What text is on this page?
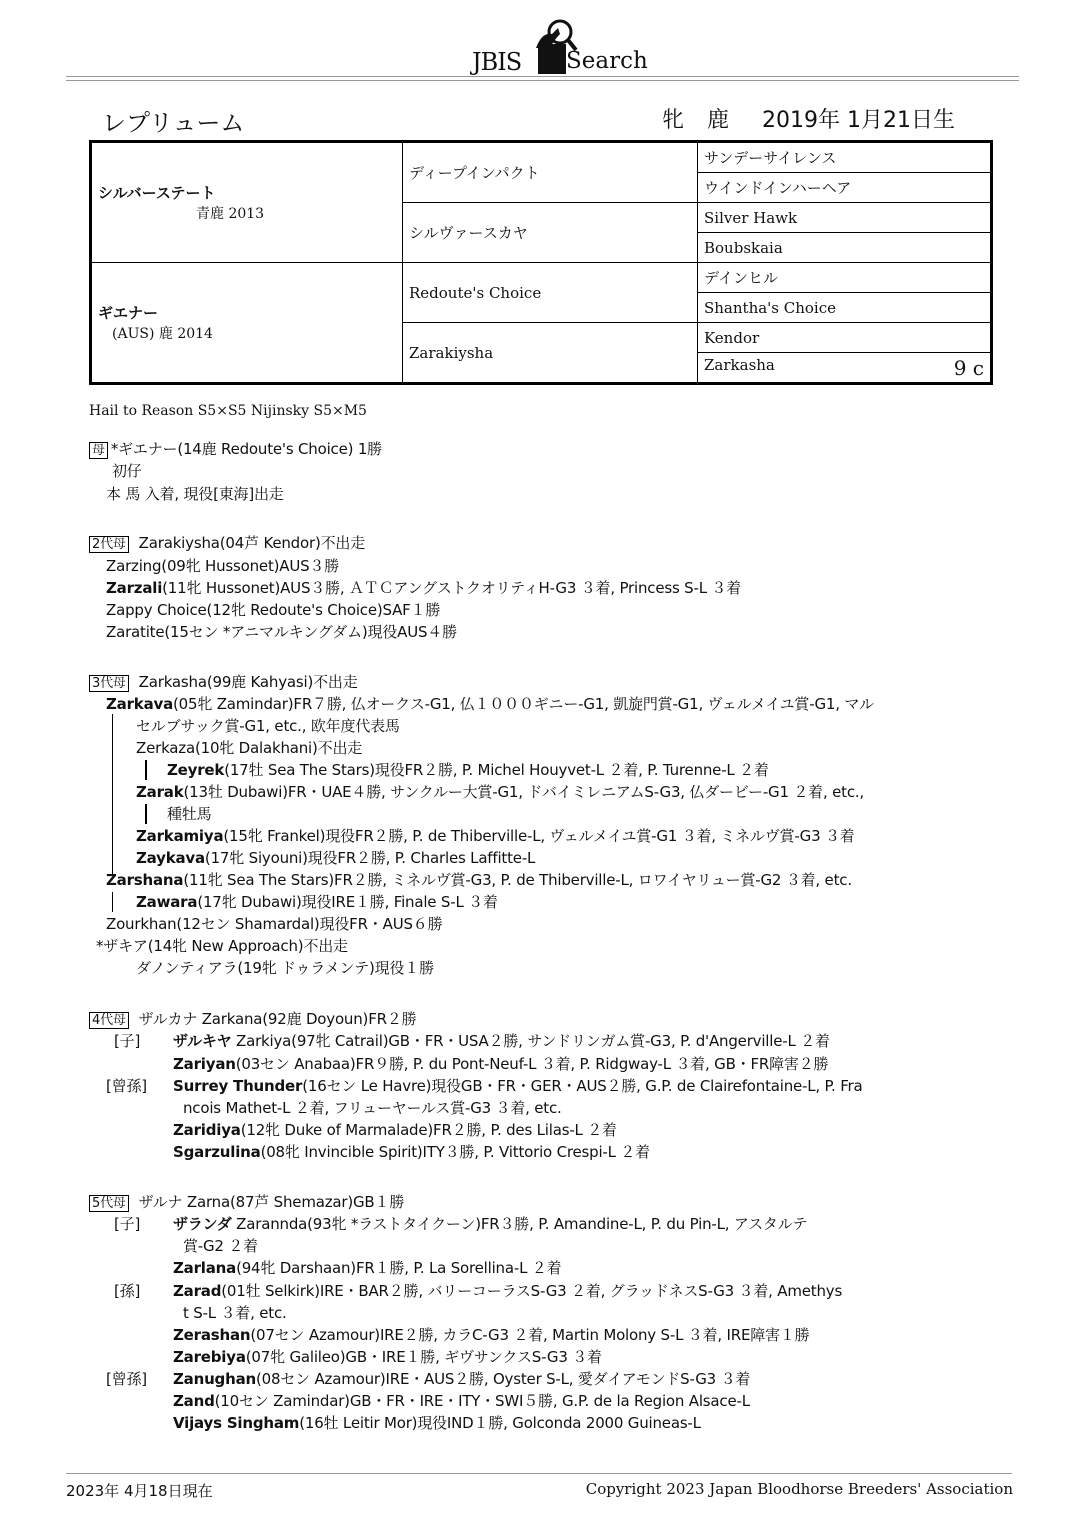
JBIS Search
レプリューム	牝 鹿 2019年 1月21日生
シルバーステート
青鹿 2013	ディープインパクト	サンデーサイレンス
		ウインドインハーヘア
	シルヴァースカヤ	Silver Hawk
		Boubskaia

ギエナー
(AUS) 鹿 2014	Redoute's Choice	デインヒル
		Shantha's Choice
	Zarakiysha	Kendor
		Zarkasha 9 c
Hail to Reason S5×S5 Nijinsky S5×M5
母 *ギエナー(14鹿 Redoute's Choice) 1勝
初仔
本 馬 入着, 現役[東海]出走
2代母 Zarakiysha(04芦 Kendor)不出走
Zarzing(09牝 Hussonet)AUS３勝
Zarzali(11牝 Hussonet)AUS３勝, ＡＴＣアングストクオリティH-G3 ３着, Princess S-L ３着
Zappy Choice(12牝 Redoute's Choice)SAF１勝
Zaratite(15セン *アニマルキングダム)現役AUS４勝
3代母 Zarkasha(99鹿 Kahyasi)不出走
Zarkava(05牝 Zamindar)FR７勝, 仏オークス-G1, 仏１０００ギニー-G1, 凱旋門賞-G1, ヴェルメイユ賞-G1, マル
セルブサック賞-G1, etc., 欧年度代表馬
Zerkaza(10牝 Dalakhani)不出走
Zeyrek(17牡 Sea The Stars)現役FR２勝, P. Michel Houyvet-L ２着, P. Turenne-L ２着
Zarak(13牡 Dubawi)FR・UAE４勝, サンクルー大賞-G1, ドバイミレニアムS-G3, 仏ダービー-G1 ２着, etc.,
種牡馬
Zarkamiya(15牝 Frankel)現役FR２勝, P. de Thiberville-L, ヴェルメイユ賞-G1 ３着, ミネルヴ賞-G3 ３着
Zaykava(17牝 Siyouni)現役FR２勝, P. Charles Laffitte-L
Zarshana(11牝 Sea The Stars)FR２勝, ミネルヴ賞-G3, P. de Thiberville-L, ロワイヤリュー賞-G2 ３着, etc.
Zawara(17牝 Dubawi)現役IRE１勝, Finale S-L ３着
Zourkhan(12セン Shamardal)現役FR・AUS６勝
*ザキア(14牝 New Approach)不出走
ダノンティアラ(19牝 ドゥラメンテ)現役１勝
4代母 ザルカナ Zarkana(92鹿 Doyoun)FR２勝
[子] ザルキヤ Zarkiya(97牝 Catrail)GB・FR・USA２勝, サンドリンガム賞-G3, P. d'Angerville-L ２着
Zariyan(03セン Anabaa)FR９勝, P. du Pont-Neuf-L ３着, P. Ridgway-L ３着, GB・FR障害２勝
[曾孫] Surrey Thunder(16セン Le Havre)現役GB・FR・GER・AUS２勝, G.P. de Clairefontaine-L, P. Fra
ncois Mathet-L ２着, フリューヤールス賞-G3 ３着, etc.
Zaridiya(12牝 Duke of Marmalade)FR２勝, P. des Lilas-L ２着
Sgarzulina(08牝 Invincible Spirit)ITY３勝, P. Vittorio Crespi-L ２着
5代母 ザルナ Zarna(87芦 Shemazar)GB１勝
[子] ザランダ Zarannda(93牝 *ラストタイクーン)FR３勝, P. Amandine-L, P. du Pin-L, アスタルテ
賞-G2 ２着
Zarlana(94牝 Darshaan)FR１勝, P. La Sorellina-L ２着
[孫] Zarad(01牡 Selkirk)IRE・BAR２勝, バリーコーラスS-G3 ２着, グラッドネスS-G3 ３着, Amethys
t S-L ３着, etc.
Zerashan(07セン Azamour)IRE２勝, カラC-G3 ２着, Martin Molony S-L ３着, IRE障害１勝
Zarebiya(07牝 Galileo)GB・IRE１勝, ギヴサンクスS-G3 ３着
[曾孫] Zanughan(08セン Azamour)IRE・AUS２勝, Oyster S-L, 愛ダイアモンドS-G3 ３着
Zand(10セン Zamindar)GB・FR・IRE・ITY・SWI５勝, G.P. de la Region Alsace-L
Vijays Singham(16牡 Leitir Mor)現役IND１勝, Golconda 2000 Guineas-L
2023年 4月18日現在	Copyright 2023 Japan Bloodhorse Breeders' Association
